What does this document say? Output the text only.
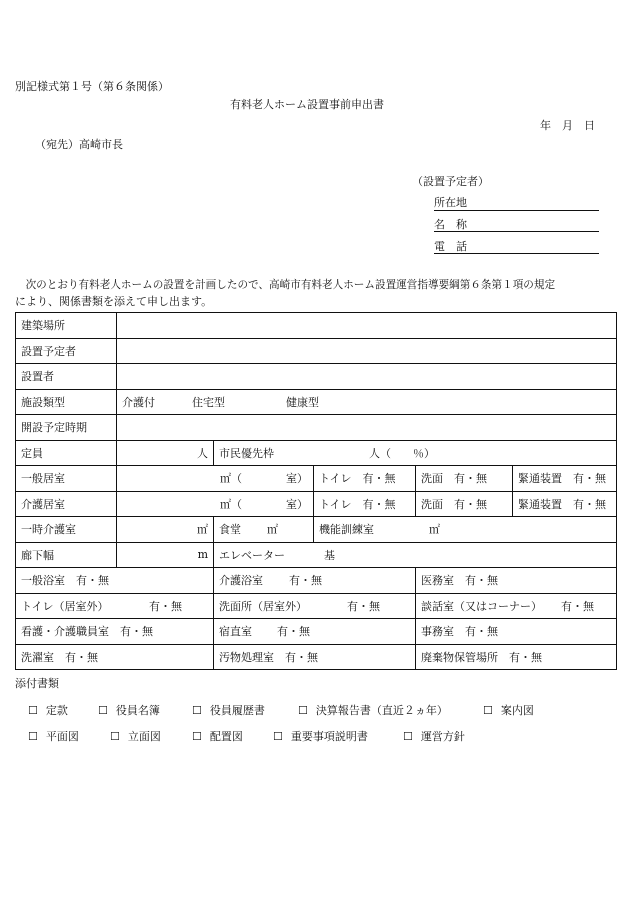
別記様式第１号（第６条関係）
有料老人ホーム設置事前申出書
年　月　日
（宛先）高崎市長
（設置予定者）
所在地
名　称
電　話
　次のとおり有料老人ホームの設置を計画したので、高崎市有料老人ホーム設置運営指導要綱第６条第１項の規定
により、関係書類を添えて申し出ます。
建築場所					
設置予定者					
設置者					
施設類型	介護付 住宅型 健康型				
開設予定時期					
定員	人	市民優先枠 人（　　％）			
一般居室	㎡（　　　　室）		トイレ　有・無	洗面　有・無	緊通装置　有・無
介護居室	㎡（　　　　室）		トイレ　有・無	洗面　有・無	緊通装置　有・無
一時介護室	㎡	食堂 ㎡	機能訓練室 ㎡		
廊下幅	m	エレベーター 基			
一般浴室　有・無		介護浴室 有・無		医務室　有・無	
トイレ（居室外） 有・無		洗面所（居室外） 有・無		談話室（又はコーナー） 有・無	
看護・介護職員室　有・無		宿直室 有・無		事務室　有・無	
洗濯室　有・無		汚物処理室　有・無		廃棄物保管場所　有・無	
添付書類
☐ 定款	☐ 役員名簿	☐ 役員履歴書	☐ 決算報告書（直近２ヵ年）	☐ 案内図
☐ 平面図	☐ 立面図	☐ 配置図	☐ 重要事項説明書	☐ 運営方針
